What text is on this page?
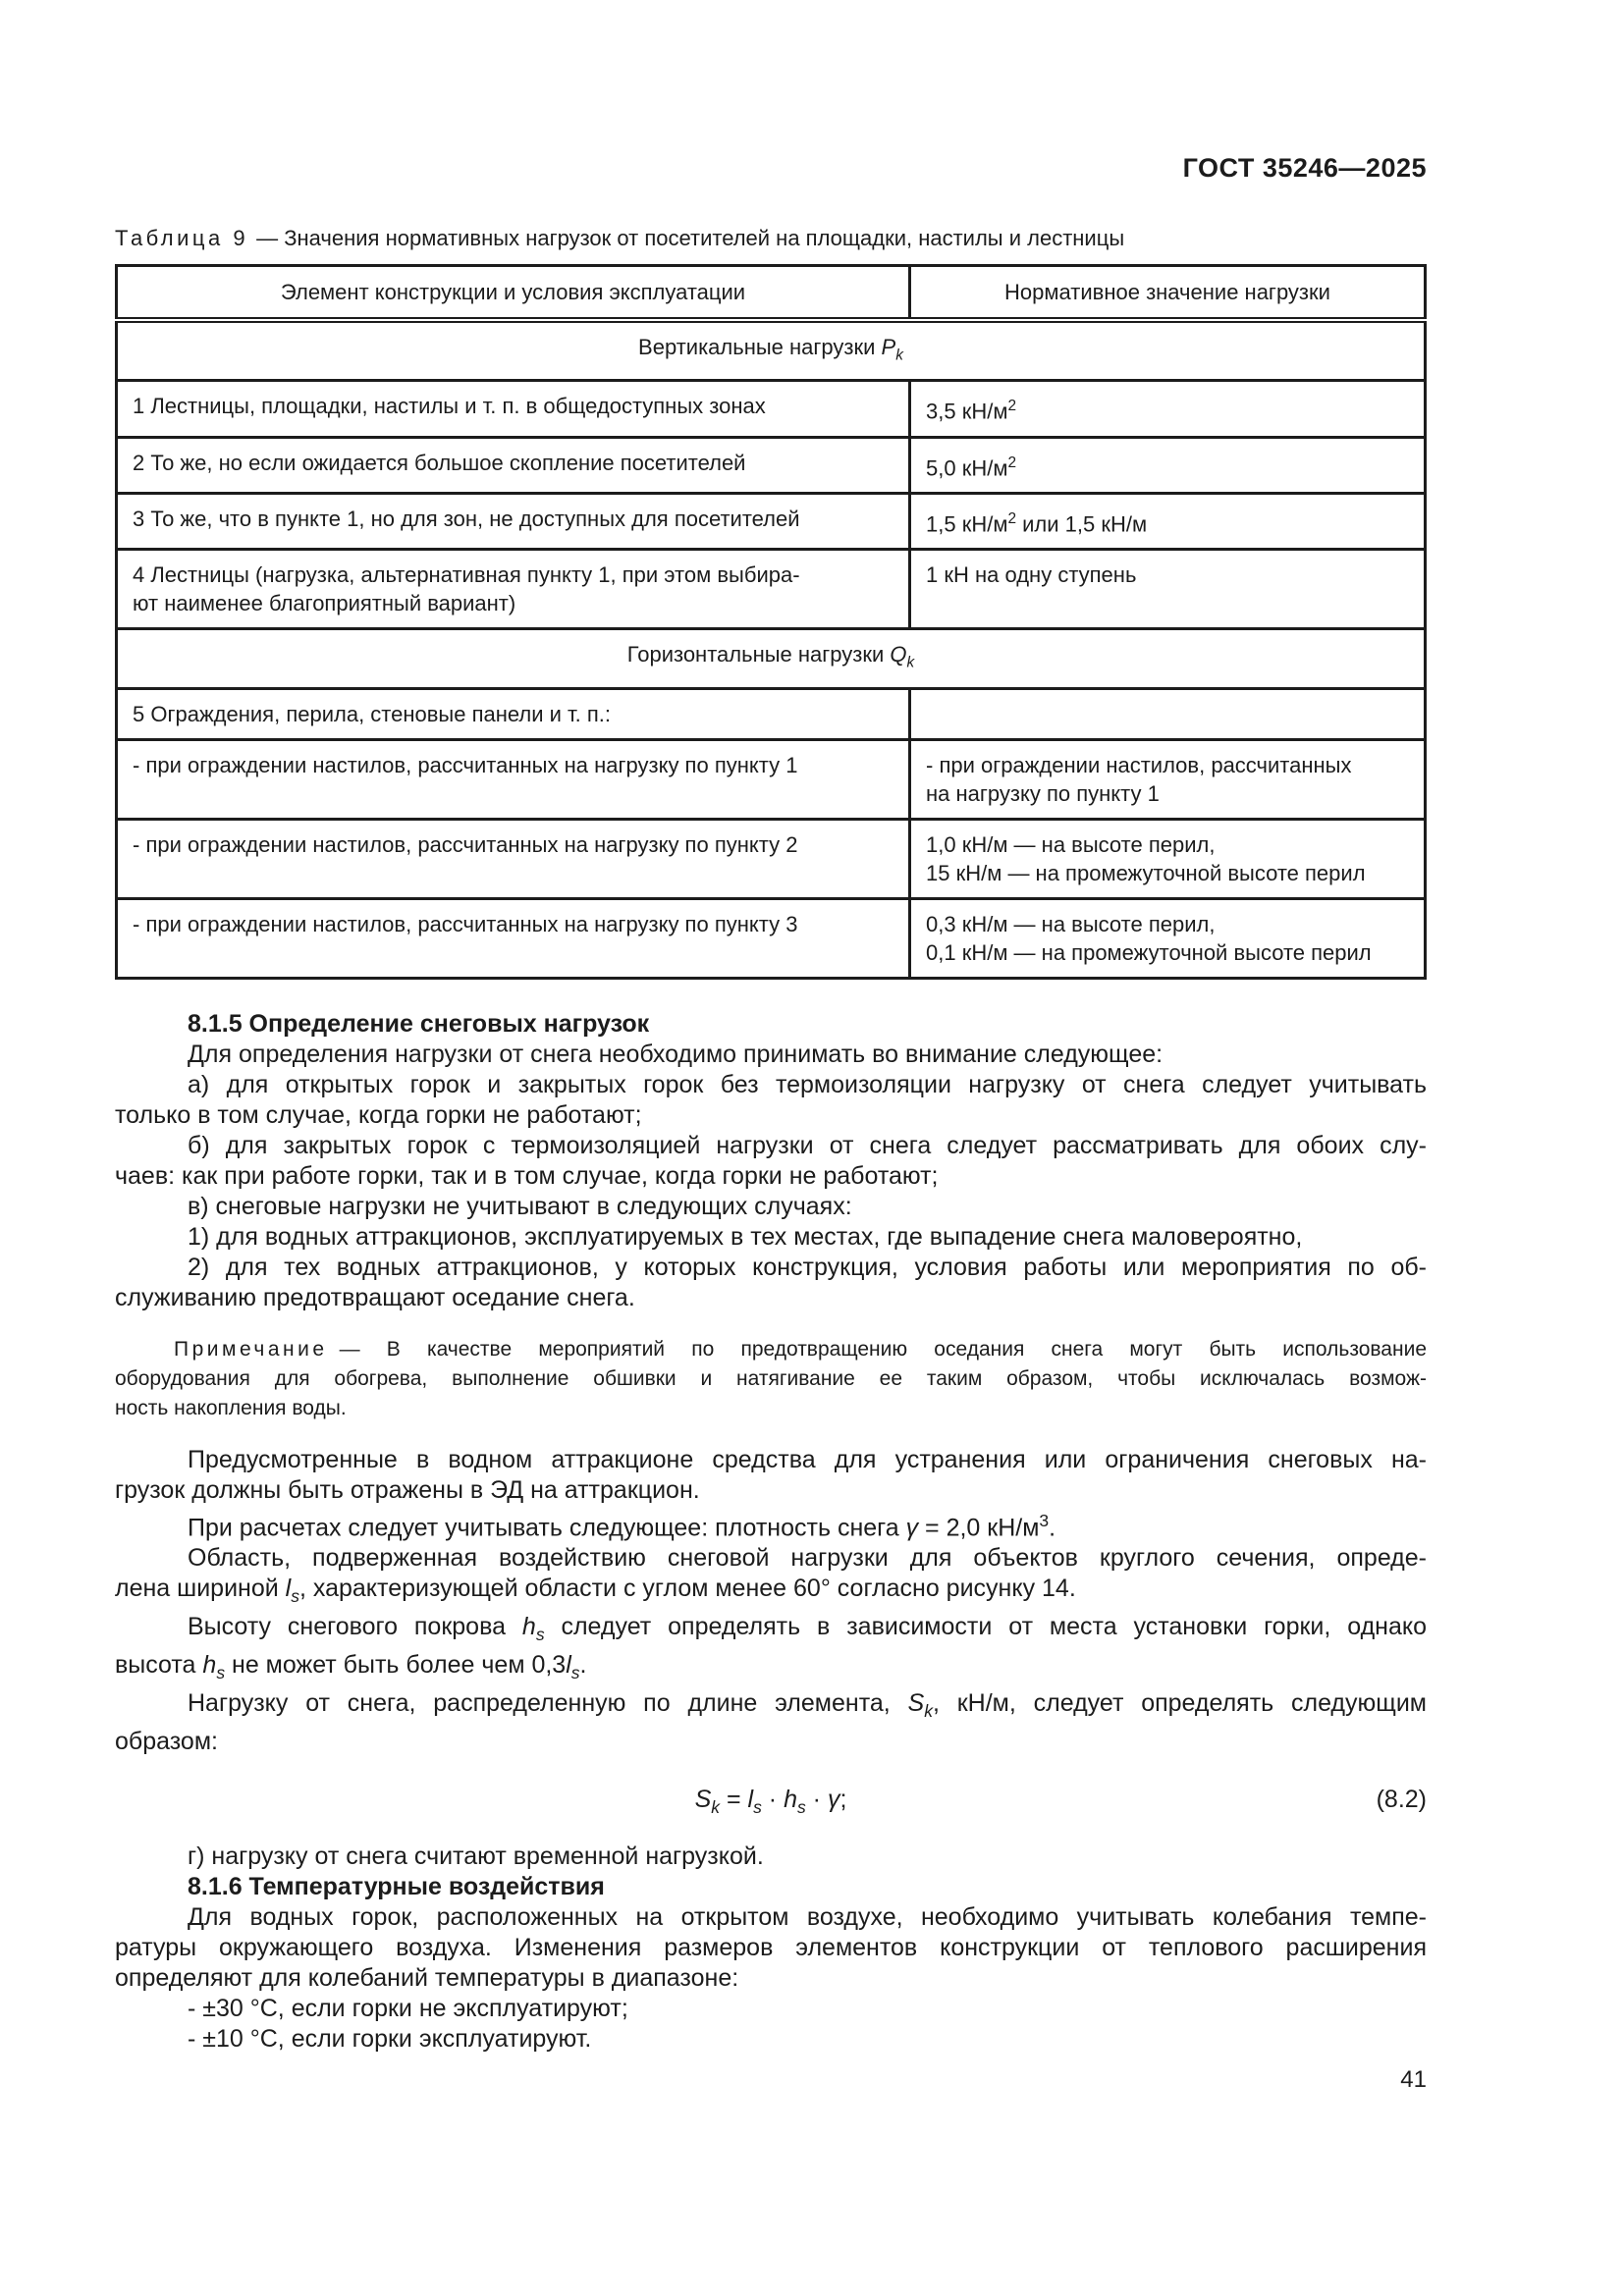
ГОСТ 35246—2025
Таблица 9 — Значения нормативных нагрузок от посетителей на площадки, настилы и лестницы
Элемент конструкции и условия эксплуатации	Нормативное значение нагрузки
Вертикальные нагрузки $P_k$

1 Лестницы, площадки, настилы и т. п. в общедоступных зонах	3,5 $кН/м^2$

2 То же, но если ожидается большое скопление посетителей	5,0 $кН/м^2$

3 То же, что в пункте 1, но для зон, не доступных для посетителей	1,5 $кН/м^2$ или 1,5 кН/м

4 Лестницы (нагрузка, альтернативная пункту 1, при этом выбира-
ют наименее благоприятный вариант)	1 кН на одну ступень

Горизонтальные нагрузки $Q_k$

5 Ограждения, перила, стеновые панели и т. п.:	

- при ограждении настилов, рассчитанных на нагрузку по пункту 1	- при ограждении настилов, рассчитанных
на нагрузку по пункту 1

- при ограждении настилов, рассчитанных на нагрузку по пункту 2	1,0 кН/м — на высоте перил,
15 кН/м — на промежуточной высоте перил

- при ограждении настилов, рассчитанных на нагрузку по пункту 3	0,3 кН/м — на высоте перил,
0,1 кН/м — на промежуточной высоте перил
8.1.5 Определение снеговых нагрузок
Для определения нагрузки от снега необходимо принимать во внимание следующее:
а) для открытых горок и закрытых горок без термоизоляции нагрузку от снега следует учитывать
только в том случае, когда горки не работают;
б) для закрытых горок с термоизоляцией нагрузки от снега следует рассматривать для обоих слу-
чаев: как при работе горки, так и в том случае, когда горки не работают;
в) снеговые нагрузки не учитывают в следующих случаях:
1) для водных аттракционов, эксплуатируемых в тех местах, где выпадение снега маловероятно,
2) для тех водных аттракционов, у которых конструкция, условия работы или мероприятия по об-
служиванию предотвращают оседание снега.
Примечание — В качестве мероприятий по предотвращению оседания снега могут быть использование
оборудования для обогрева, выполнение обшивки и натягивание ее таким образом, чтобы исключалась возмож-
ность накопления воды.
Предусмотренные в водном аттракционе средства для устранения или ограничения снеговых на-
грузок должны быть отражены в ЭД на аттракцион.
При расчетах следует учитывать следующее: плотность снега γ = 2,0 $кН/м^3$.
Область, подверженная воздействию снеговой нагрузки для объектов круглого сечения, опреде-
лена шириной $l_s$, характеризующей области с углом менее 60° согласно рисунку 14.
Высоту снегового покрова $h_s$ следует определять в зависимости от места установки горки, однако
высота $h_s$ не может быть более чем $0,3l_s$.
Нагрузку от снега, распределенную по длине элемента, $S_k$, кН/м, следует определять следующим
образом:
$S_k = l_s \cdot h_s \cdot \gamma$;	(8.2)
г) нагрузку от снега считают временной нагрузкой.
8.1.6 Температурные воздействия
Для водных горок, расположенных на открытом воздухе, необходимо учитывать колебания темпе-
ратуры окружающего воздуха. Изменения размеров элементов конструкции от теплового расширения
определяют для колебаний температуры в диапазоне:
- ±30 °С, если горки не эксплуатируют;
- ±10 °С, если горки эксплуатируют.
41
